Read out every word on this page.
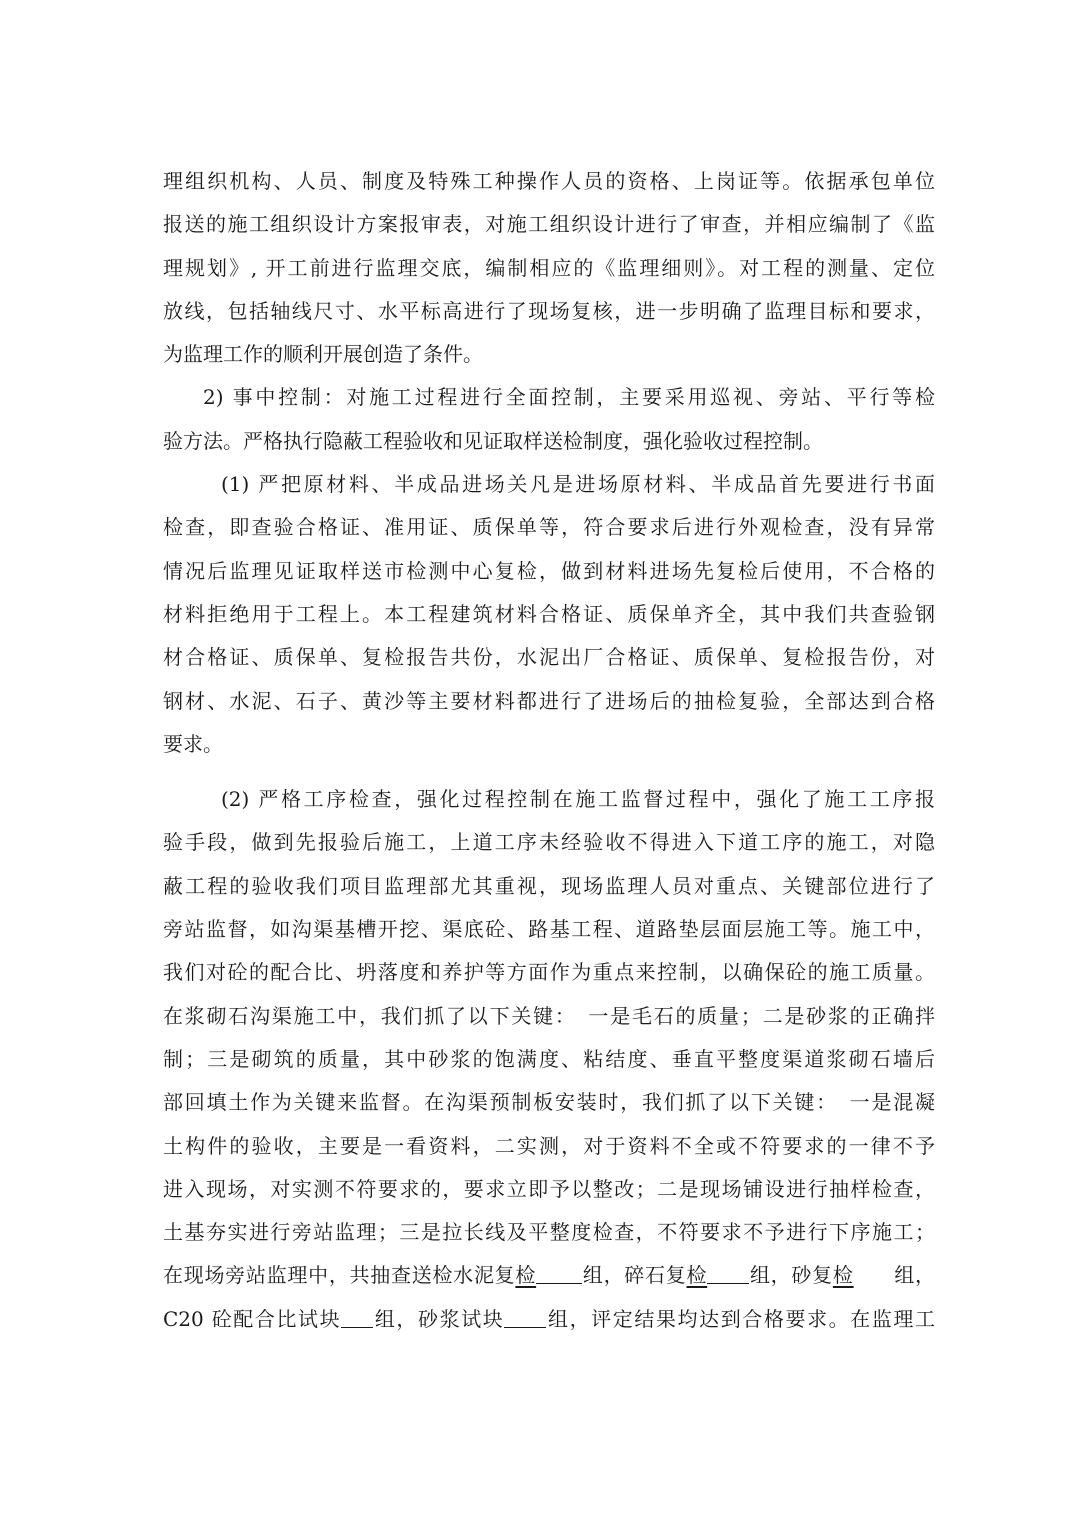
理组织机构、人员、制度及特殊工种操作人员的资格、上岗证等。依据承包单位
报送的施工组织设计方案报审表，对施工组织设计进行了审查，并相应编制了《监
理规划》, 开工前进行监理交底，编制相应的《监理细则》。对工程的测量、定位
放线，包括轴线尺寸、水平标高进行了现场复核，进一步明确了监理目标和要求，
为监理工作的顺利开展创造了条件。
2) 事中控制：对施工过程进行全面控制，主要采用巡视、旁站、平行等检
验方法。严格执行隐蔽工程验收和见证取样送检制度，强化验收过程控制。
(1) 严把原材料、半成品进场关凡是进场原材料、半成品首先要进行书面
检查，即查验合格证、准用证、质保单等，符合要求后进行外观检查，没有异常
情况后监理见证取样送市检测中心复检，做到材料进场先复检后使用，不合格的
材料拒绝用于工程上。本工程建筑材料合格证、质保单齐全，其中我们共查验钢
材合格证、质保单、复检报告共份，水泥出厂合格证、质保单、复检报告份，对
钢材、水泥、石子、黄沙等主要材料都进行了进场后的抽检复验，全部达到合格
要求。
(2) 严格工序检查，强化过程控制在施工监督过程中，强化了施工工序报
验手段，做到先报验后施工，上道工序未经验收不得进入下道工序的施工，对隐
蔽工程的验收我们项目监理部尤其重视，现场监理人员对重点、关键部位进行了
旁站监督，如沟渠基槽开挖、渠底砼、路基工程、道路垫层面层施工等。施工中，
我们对砼的配合比、坍落度和养护等方面作为重点来控制，以确保砼的施工质量。
在浆砌石沟渠施工中，我们抓了以下关键：　一是毛石的质量；二是砂浆的正确拌
制；三是砌筑的质量，其中砂浆的饱满度、粘结度、垂直平整度渠道浆砌石墙后
部回填土作为关键来监督。在沟渠预制板安装时，我们抓了以下关键：　一是混凝
土构件的验收，主要是一看资料，二实测，对于资料不全或不符要求的一律不予
进入现场，对实测不符要求的，要求立即予以整改；二是现场铺设进行抽样检查，
土基夯实进行旁站监理；三是拉长线及平整度检查，不符要求不予进行下序施工；
在现场旁站监理中，共抽查送检水泥复检 组，碎石复检 组，砂复检 组，
C20 砼配合比试块 组，砂浆试块 组，评定结果均达到合格要求。在监理工
